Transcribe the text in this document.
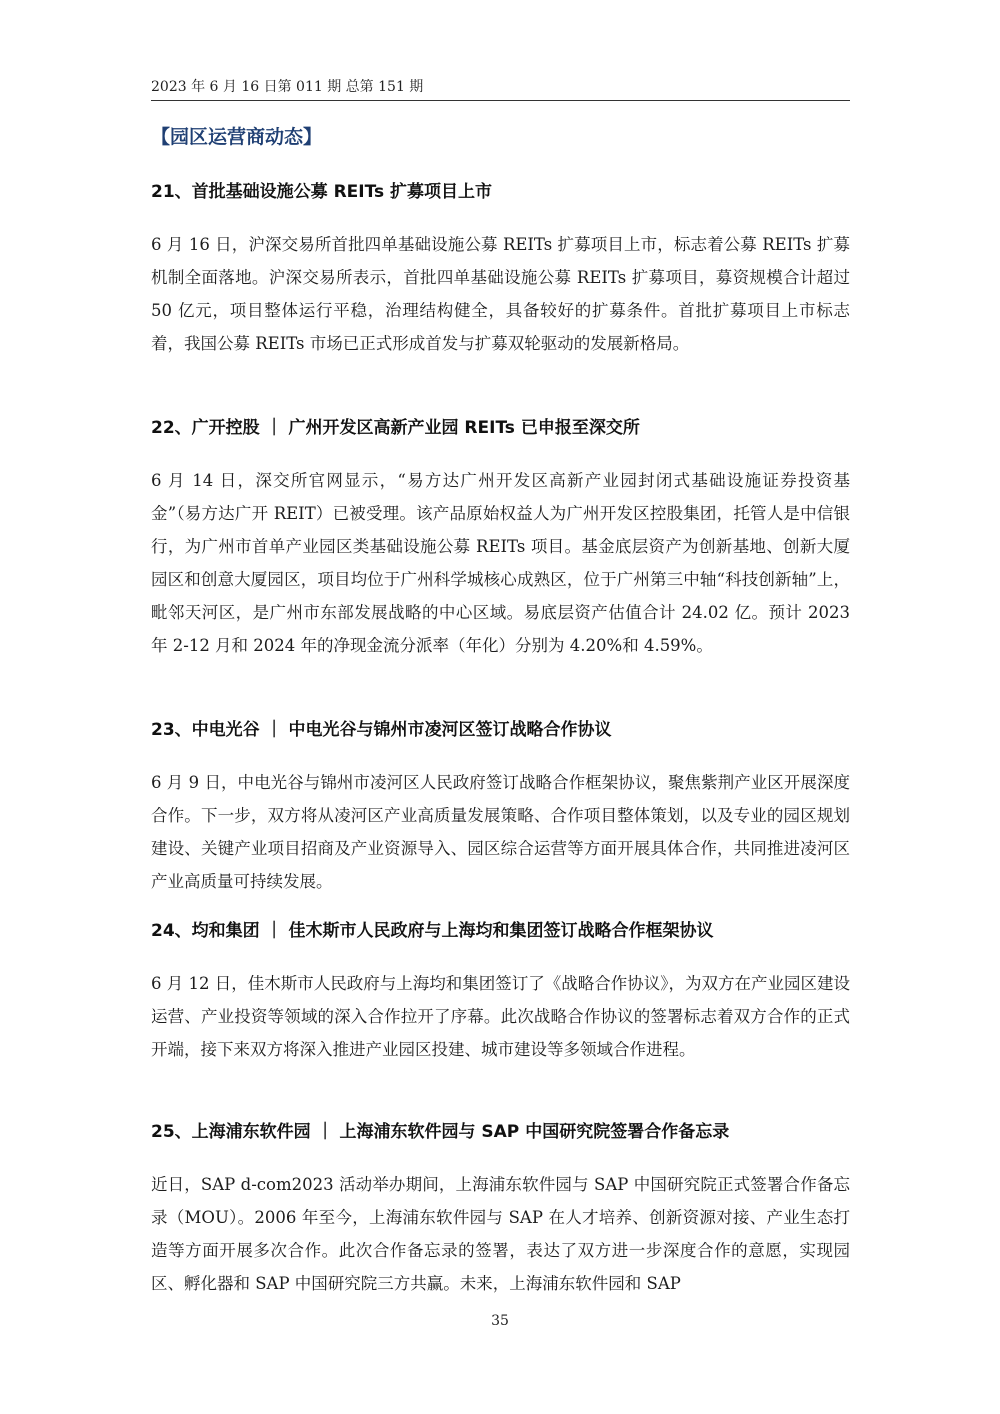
2023 年 6 月 16 日第 011 期 总第 151 期
【园区运营商动态】
21、首批基础设施公募 REITs 扩募项目上市

6 月 16 日，沪深交易所首批四单基础设施公募 REITs 扩募项目上市，标志着公募 REITs 扩募机制全面落地。沪深交易所表示，首批四单基础设施公募 REITs 扩募项目，募资规模合计超过 50 亿元，项目整体运行平稳，治理结构健全，具备较好的扩募条件。首批扩募项目上市标志着，我国公募 REITs 市场已正式形成首发与扩募双轮驱动的发展新格局。

22、广开控股 ｜ 广州开发区高新产业园 REITs 已申报至深交所

6 月 14 日，深交所官网显示，“易方达广州开发区高新产业园封闭式基础设施证券投资基金”（易方达广开 REIT）已被受理。该产品原始权益人为广州开发区控股集团，托管人是中信银行，为广州市首单产业园区类基础设施公募 REITs 项目。基金底层资产为创新基地、创新大厦园区和创意大厦园区，项目均位于广州科学城核心成熟区，位于广州第三中轴“科技创新轴”上，毗邻天河区，是广州市东部发展战略的中心区域。易底层资产估值合计 24.02 亿。预计 2023 年 2-12 月和 2024 年的净现金流分派率（年化）分别为 4.20%和 4.59%。

23、中电光谷 ｜ 中电光谷与锦州市凌河区签订战略合作协议

6 月 9 日，中电光谷与锦州市凌河区人民政府签订战略合作框架协议，聚焦紫荆产业区开展深度合作。下一步，双方将从凌河区产业高质量发展策略、合作项目整体策划，以及专业的园区规划建设、关键产业项目招商及产业资源导入、园区综合运营等方面开展具体合作，共同推进凌河区产业高质量可持续发展。

24、均和集团 ｜ 佳木斯市人民政府与上海均和集团签订战略合作框架协议

6 月 12 日，佳木斯市人民政府与上海均和集团签订了《战略合作协议》，为双方在产业园区建设运营、产业投资等领域的深入合作拉开了序幕。此次战略合作协议的签署标志着双方合作的正式开端，接下来双方将深入推进产业园区投建、城市建设等多领域合作进程。

25、上海浦东软件园 ｜ 上海浦东软件园与 SAP 中国研究院签署合作备忘录

近日，SAP d-com2023 活动举办期间，上海浦东软件园与 SAP 中国研究院正式签署合作备忘录（MOU）。2006 年至今，上海浦东软件园与 SAP 在人才培养、创新资源对接、产业生态打造等方面开展多次合作。此次合作备忘录的签署，表达了双方进一步深度合作的意愿，实现园区、孵化器和 SAP 中国研究院三方共赢。未来，上海浦东软件园和 SAP

35
